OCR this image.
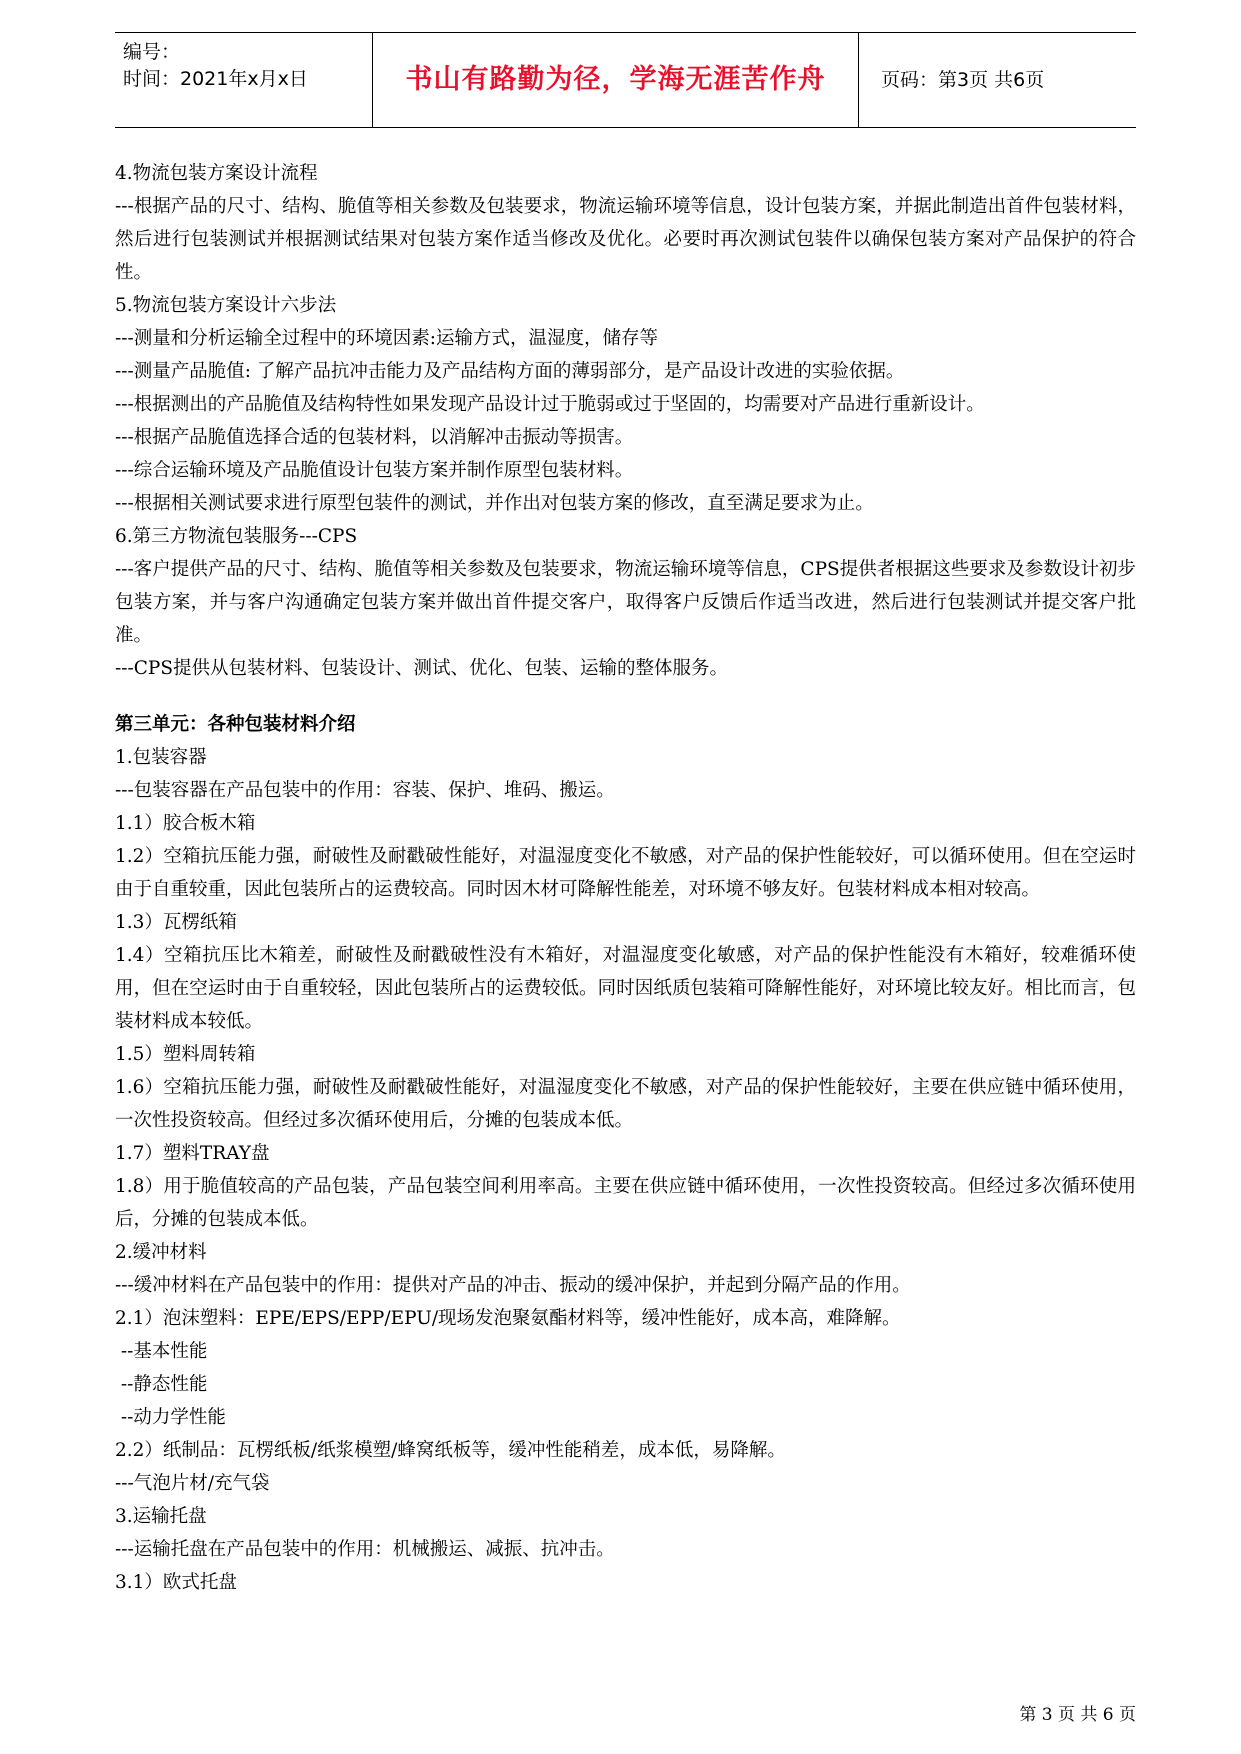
编号：
时间：2021年x月x日	书山有路勤为径，学海无涯苦作舟	页码：第3页 共6页
4.物流包装方案设计流程
---根据产品的尺寸、结构、脆值等相关参数及包装要求，物流运输环境等信息，设计包装方案，并据此制造出首件包装材料，然后进行包装测试并根据测试结果对包装方案作适当修改及优化。必要时再次测试包装件以确保包装方案对产品保护的符合性。
5.物流包装方案设计六步法
---测量和分析运输全过程中的环境因素:运输方式，温湿度，储存等
---测量产品脆值: 了解产品抗冲击能力及产品结构方面的薄弱部分，是产品设计改进的实验依据。
---根据测出的产品脆值及结构特性如果发现产品设计过于脆弱或过于坚固的，均需要对产品进行重新设计。
---根据产品脆值选择合适的包装材料，以消解冲击振动等损害。
---综合运输环境及产品脆值设计包装方案并制作原型包装材料。
---根据相关测试要求进行原型包装件的测试，并作出对包装方案的修改，直至满足要求为止。
6.第三方物流包装服务---CPS
---客户提供产品的尺寸、结构、脆值等相关参数及包装要求，物流运输环境等信息，CPS提供者根据这些要求及参数设计初步包装方案，并与客户沟通确定包装方案并做出首件提交客户，取得客户反馈后作适当改进，然后进行包装测试并提交客户批准。
---CPS提供从包装材料、包装设计、测试、优化、包装、运输的整体服务。
第三单元：各种包装材料介绍
1.包装容器
---包装容器在产品包装中的作用：容装、保护、堆码、搬运。
1.1）胶合板木箱
1.2）空箱抗压能力强，耐破性及耐戳破性能好，对温湿度变化不敏感，对产品的保护性能较好，可以循环使用。但在空运时由于自重较重，因此包装所占的运费较高。同时因木材可降解性能差，对环境不够友好。包装材料成本相对较高。
1.3）瓦楞纸箱
1.4）空箱抗压比木箱差，耐破性及耐戳破性没有木箱好，对温湿度变化敏感，对产品的保护性能没有木箱好，较难循环使用，但在空运时由于自重较轻，因此包装所占的运费较低。同时因纸质包装箱可降解性能好，对环境比较友好。相比而言，包装材料成本较低。
1.5）塑料周转箱
1.6）空箱抗压能力强，耐破性及耐戳破性能好，对温湿度变化不敏感，对产品的保护性能较好，主要在供应链中循环使用，一次性投资较高。但经过多次循环使用后，分摊的包装成本低。
1.7）塑料TRAY盘
1.8）用于脆值较高的产品包装，产品包装空间利用率高。主要在供应链中循环使用，一次性投资较高。但经过多次循环使用后，分摊的包装成本低。
2.缓冲材料
---缓冲材料在产品包装中的作用：提供对产品的冲击、振动的缓冲保护，并起到分隔产品的作用。
2.1）泡沫塑料：EPE/EPS/EPP/EPU/现场发泡聚氨酯材料等，缓冲性能好，成本高，难降解。
--基本性能
--静态性能
--动力学性能
2.2）纸制品：瓦楞纸板/纸浆模塑/蜂窝纸板等，缓冲性能稍差，成本低，易降解。
---气泡片材/充气袋
3.运输托盘
---运输托盘在产品包装中的作用：机械搬运、减振、抗冲击。
3.1）欧式托盘
第 3 页 共 6 页
